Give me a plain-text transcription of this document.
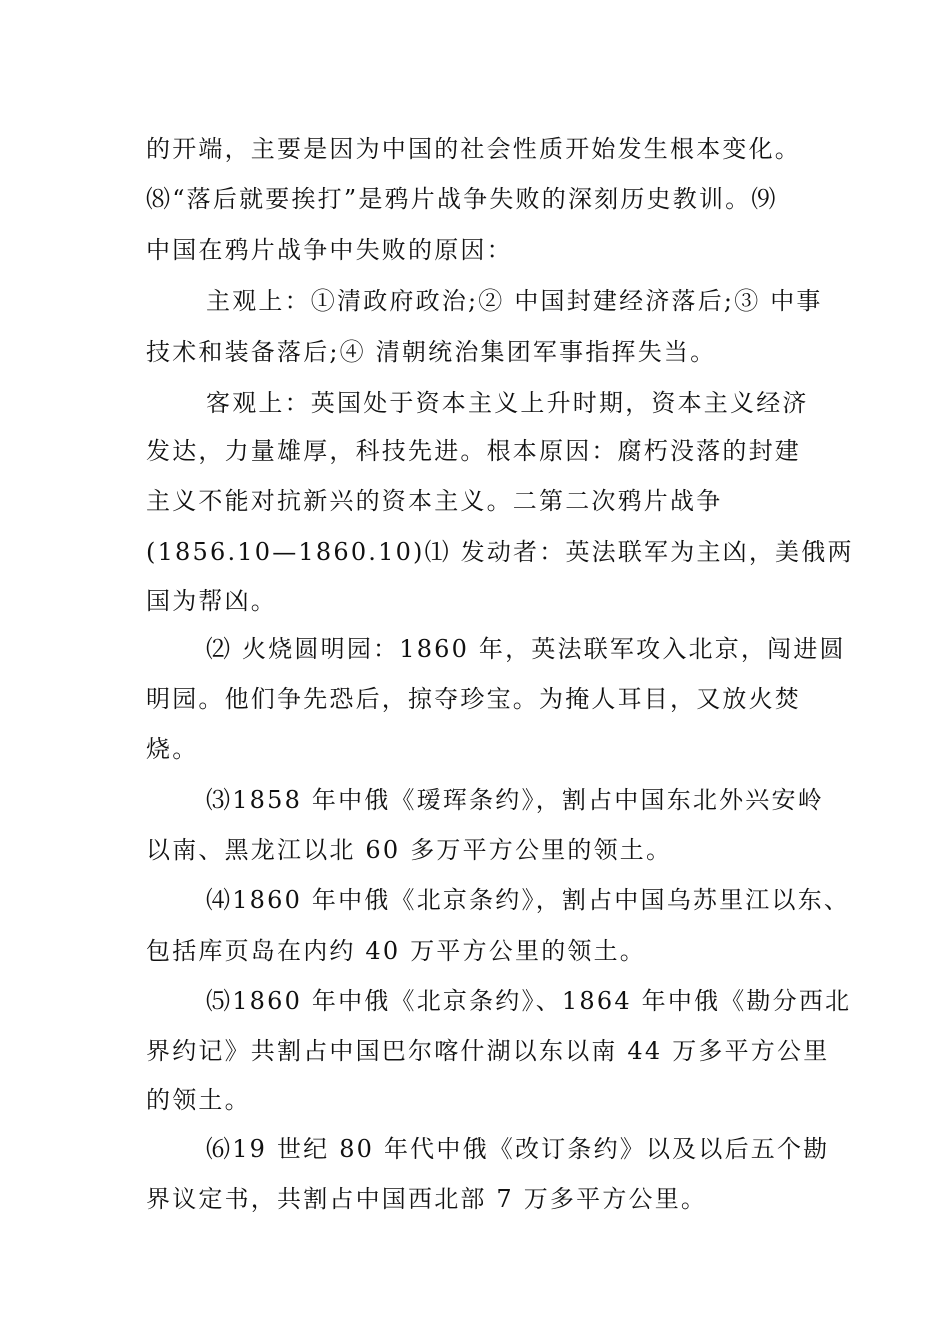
的开端，主要是因为中国的社会性质开始发生根本变化。
⑻“落后就要挨打”是鸦片战争失败的深刻历史教训。⑼
中国在鸦片战争中失败的原因：
主观上：①清政府政治;② 中国封建经济落后;③ 中事
技术和装备落后;④ 清朝统治集团军事指挥失当。
客观上：英国处于资本主义上升时期，资本主义经济
发达，力量雄厚，科技先进。根本原因：腐朽没落的封建
主义不能对抗新兴的资本主义。二第二次鸦片战争
(1856.10—1860.10)⑴ 发动者：英法联军为主凶，美俄两
国为帮凶。
⑵ 火烧圆明园：1860 年，英法联军攻入北京，闯进圆
明园。他们争先恐后，掠夺珍宝。为掩人耳目，又放火焚
烧。
⑶1858 年中俄《瑷珲条约》，割占中国东北外兴安岭
以南、黑龙江以北 60 多万平方公里的领土。
⑷1860 年中俄《北京条约》，割占中国乌苏里江以东、
包括库页岛在内约 40 万平方公里的领土。
⑸1860 年中俄《北京条约》、1864 年中俄《勘分西北
界约记》共割占中国巴尔喀什湖以东以南 44 万多平方公里
的领土。
⑹19 世纪 80 年代中俄《改订条约》以及以后五个勘
界议定书，共割占中国西北部 7 万多平方公里。
